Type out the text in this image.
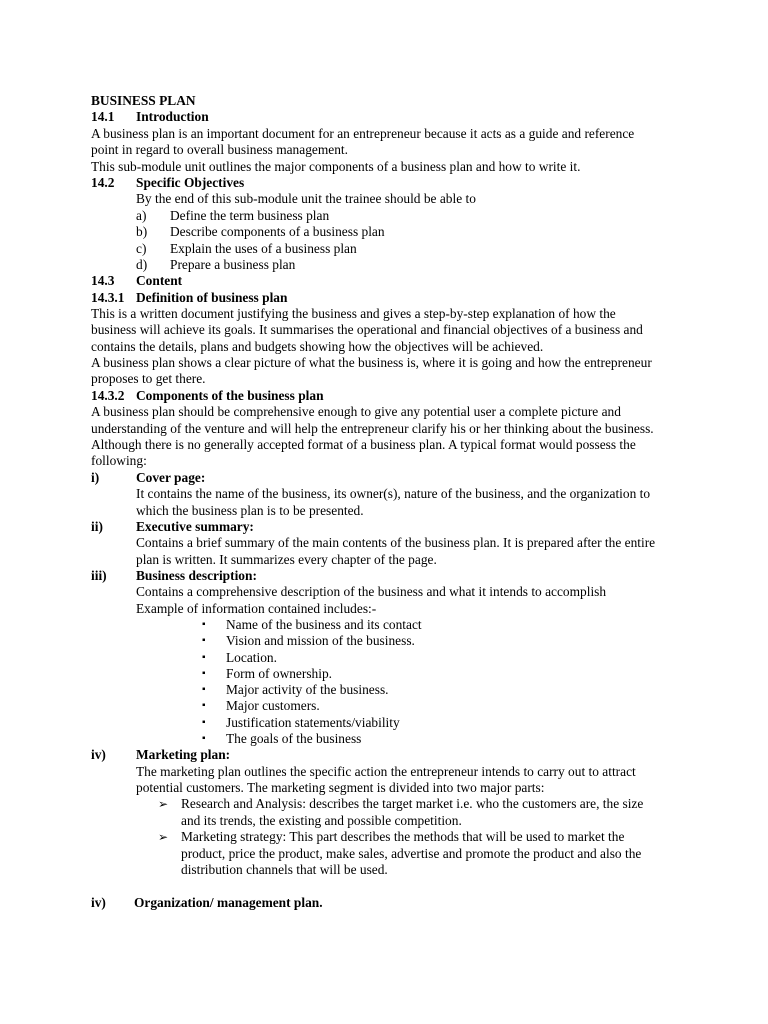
BUSINESS PLAN
14.1 Introduction
A business plan is an important document for an entrepreneur because it acts as a guide and reference
point in regard to overall business management.
This sub-module unit outlines the major components of a business plan and how to write it.
14.2 Specific Objectives
By the end of this sub-module unit the trainee should be able to
a) Define the term business plan
b) Describe components of a business plan
c) Explain the uses of a business plan
d) Prepare a business plan
14.3 Content
14.3.1 Definition of business plan
This is a written document justifying the business and gives a step-by-step explanation of how the
business will achieve its goals. It summarises the operational and financial objectives of a business and
contains the details, plans and budgets showing how the objectives will be achieved.
A business plan shows a clear picture of what the business is, where it is going and how the entrepreneur
proposes to get there.
14.3.2 Components of the business plan
A business plan should be comprehensive enough to give any potential user a complete picture and
understanding of the venture and will help the entrepreneur clarify his or her thinking about the business.
Although there is no generally accepted format of a business plan. A typical format would possess the
following:
i)	Cover page:
It contains the name of the business, its owner(s), nature of the business, and the organization to
which the business plan is to be presented.
ii) Executive summary:
Contains a brief summary of the main contents of the business plan. It is prepared after the entire
plan is written. It summarizes every chapter of the page.
iii) Business description:
Contains a comprehensive description of the business and what it intends to accomplish
Example of information contained includes:-
▪ Name of the business and its contact
▪ Vision and mission of the business.
▪ Location.
▪ Form of ownership.
▪ Major activity of the business.
▪ Major customers.
▪ Justification statements/viability
▪ The goals of the business
iv) Marketing plan:
The marketing plan outlines the specific action the entrepreneur intends to carry out to attract
potential customers. The marketing segment is divided into two major parts:
➢ Research and Analysis: describes the target market i.e. who the customers are, the size
and its trends, the existing and possible competition.
➢ Marketing strategy: This part describes the methods that will be used to market the
product, price the product, make sales, advertise and promote the product and also the
distribution channels that will be used.
iv) Organization/ management plan.
